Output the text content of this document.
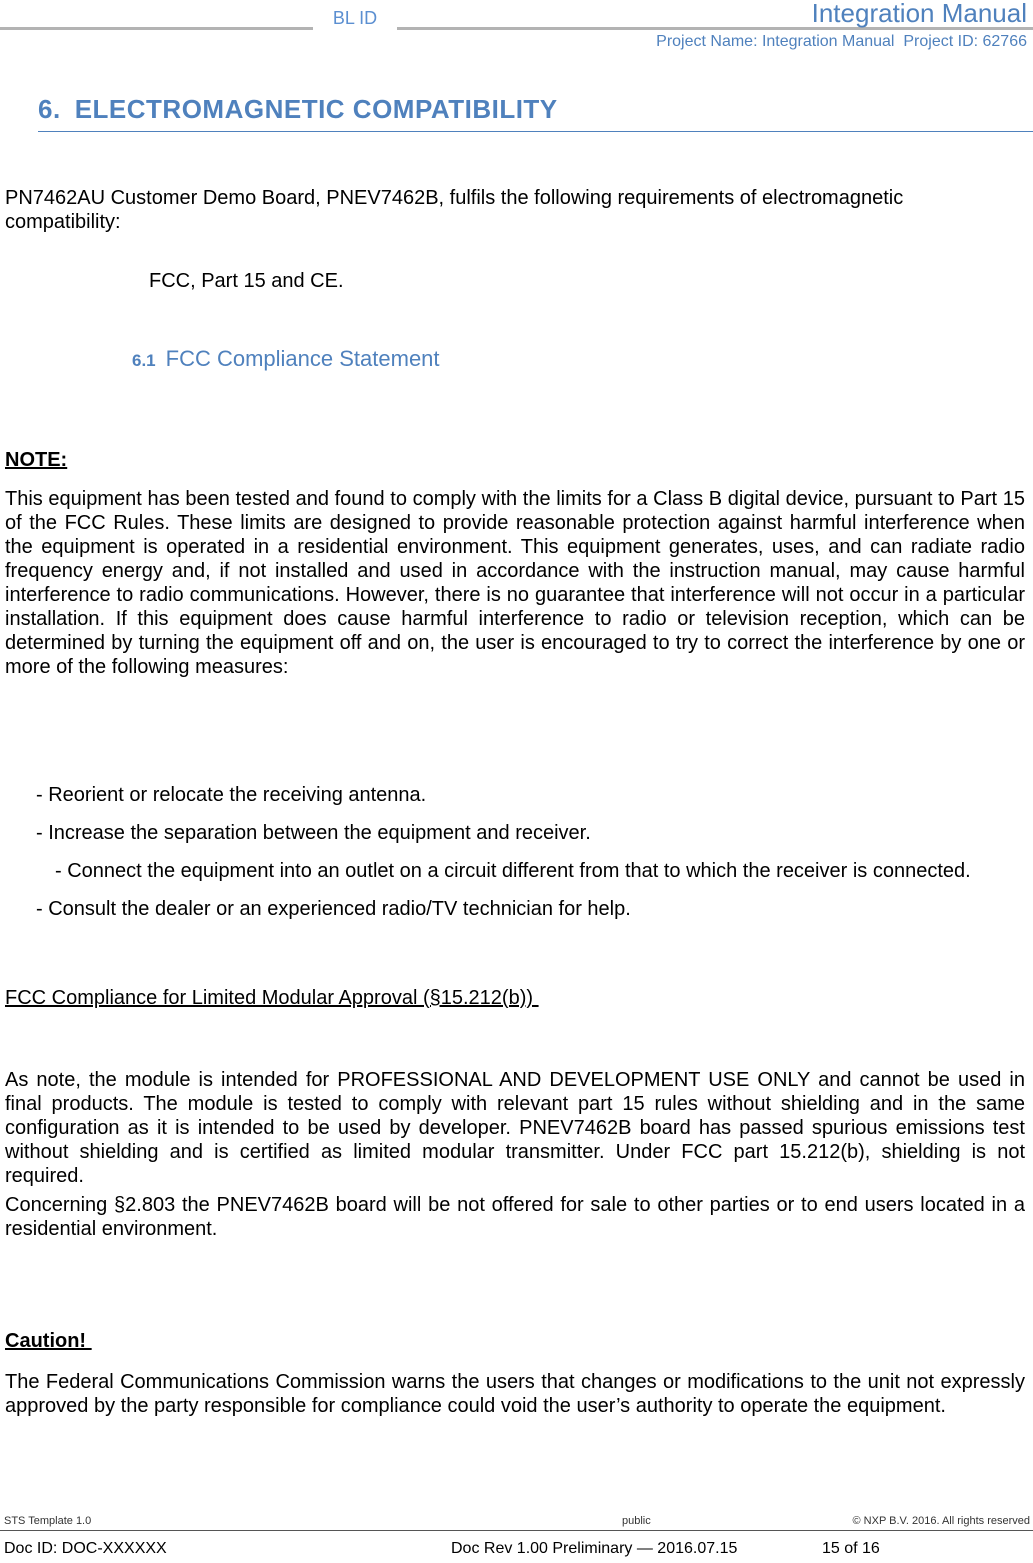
BL ID	Integration Manual
Project Name: Integration Manual  Project ID: 62766
6. ELECTROMAGNETIC COMPATIBILITY
PN7462AU Customer Demo Board, PNEV7462B, fulfils the following requirements of electromagnetic compatibility:
FCC, Part 15 and CE.
6.1 FCC Compliance Statement
NOTE:
This equipment has been tested and found to comply with the limits for a Class B digital device, pursuant to Part 15 of the FCC Rules. These limits are designed to provide reasonable protection against harmful interference when the equipment is operated in a residential environment. This equipment generates, uses, and can radiate radio frequency energy and, if not installed and used in accordance with the instruction manual, may cause harmful interference to radio communications. However, there is no guarantee that interference will not occur in a particular installation. If this equipment does cause harmful interference to radio or television reception, which can be determined by turning the equipment off and on, the user is encouraged to try to correct the interference by one or more of the following measures:
- Reorient or relocate the receiving antenna.
- Increase the separation between the equipment and receiver.
- Connect the equipment into an outlet on a circuit different from that to which the receiver is connected.
- Consult the dealer or an experienced radio/TV technician for help.
FCC Compliance for Limited Modular Approval (§15.212(b))
As note, the module is intended for PROFESSIONAL AND DEVELOPMENT USE ONLY and cannot be used in final products. The module is tested to comply with relevant part 15 rules without shielding and in the same configuration as it is intended to be used by developer. PNEV7462B board has passed spurious emissions test without shielding and is certified as limited modular transmitter. Under FCC part 15.212(b), shielding is not required.
Concerning §2.803 the PNEV7462B board will be not offered for sale to other parties or to end users located in a residential environment.
Caution!
The Federal Communications Commission warns the users that changes or modifications to the unit not expressly approved by the party responsible for compliance could void the user’s authority to operate the equipment.
STS Template 1.0	public	© NXP B.V. 2016. All rights reserved
Doc ID: DOC-XXXXXX	Doc Rev 1.00 Preliminary — 2016.07.15	15 of 16
